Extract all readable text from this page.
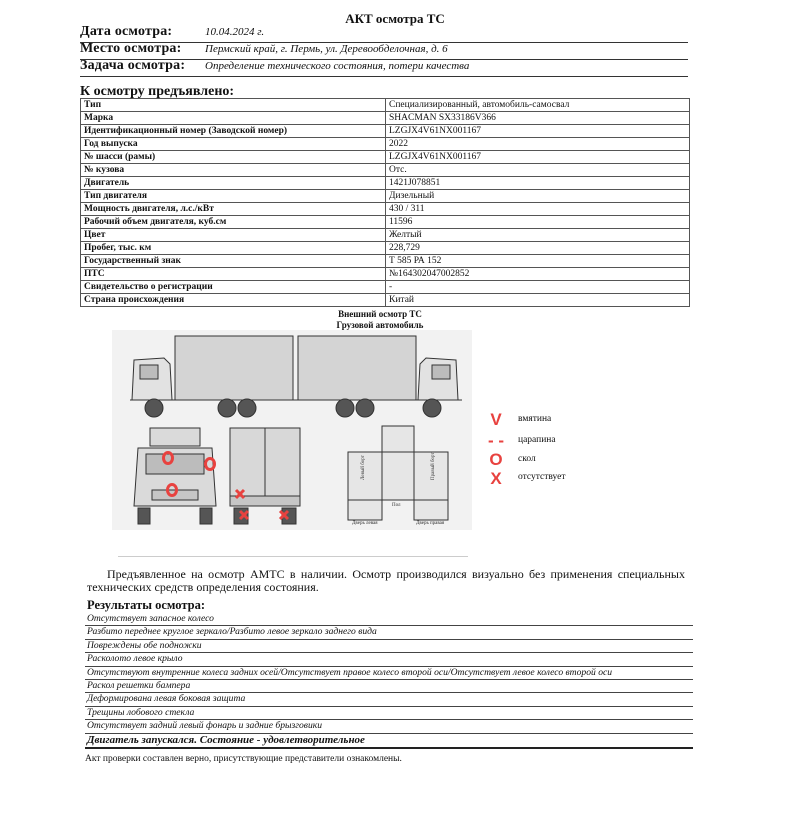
АКТ осмотра ТС
Дата осмотра:	10.04.2024 г.
Место осмотра: Пермский край, г. Пермь, ул. Деревообделочная, д. 6
Задача осмотра: Определение технического состояния, потери качества
К осмотру предъявлено:
Тип	Специализированный, автомобиль-самосвал
Марка	SHACMAN SX33186V366
Идентификационный номер (Заводской номер)	LZGJX4V61NX001167
Год выпуска	2022
№ шасси (рамы)	LZGJX4V61NX001167
№ кузова	Отс.
Двигатель	1421J078851
Тип двигателя	Дизельный
Мощность двигателя, л.с./кВт	430 / 311
Рабочий объем двигателя, куб.см	11596
Цвет	Желтый
Пробег, тыс. км	228,729
Государственный знак	Т 585 РА 152
ПТС	№164302047002852
Свидетельство о регистрации	-
Страна происхождения	Китай
Внешний осмотр ТС
Грузовой автомобиль
Левый борт	Правый борт
Пол
Дверь левая	Дверь правая
V	вмятина
- -	царапина
O	скол
X	отсутствует
Предъявленное на осмотр АМТС в наличии. Осмотр производился визуально без применения специальных технических средств определения состояния.
Результаты осмотра:
Отсутствует запасное колесо
Разбито переднее круглое зеркало/Разбито левое зеркало заднего вида
Повреждены обе подножки
Расколото левое крыло
Отсутствуют внутренние колеса задних осей/Отсутствует правое колесо второй оси/Отсутствует левое колесо второй оси
Раскол решетки бампера
Деформирована левая боковая защита
Трещины лобового стекла
Отсутствует задний левый фонарь и задние брызговики
Двигатель запускался. Состояние - удовлетворительное
Акт проверки составлен верно, присутствующие представители ознакомлены.
